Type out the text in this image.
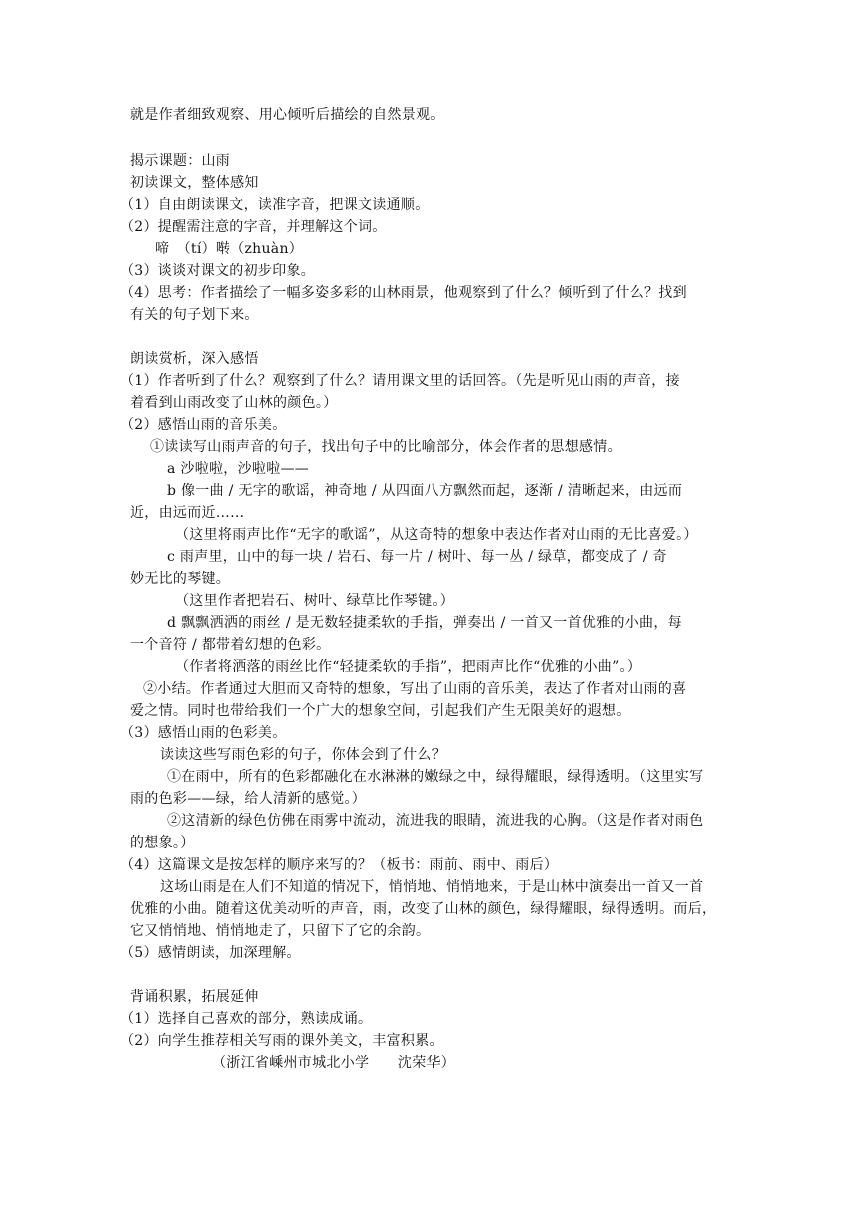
就是作者细致观察、用心倾听后描绘的自然景观。
揭示课题：山雨
初读课文，整体感知
（1）自由朗读课文，读准字音，把课文读通顺。
（2）提醒需注意的字音，并理解这个词。
啼　（tí）啭（zhuàn）
（3）谈谈对课文的初步印象。
（4）思考：作者描绘了一幅多姿多彩的山林雨景，他观察到了什么？倾听到了什么？找到
有关的句子划下来。
朗读赏析，深入感悟
（1）作者听到了什么？观察到了什么？请用课文里的话回答。（先是听见山雨的声音，接
着看到山雨改变了山林的颜色。）
（2）感悟山雨的音乐美。
①读读写山雨声音的句子，找出句子中的比喻部分，体会作者的思想感情。
a 沙啦啦，沙啦啦——
b 像一曲 / 无字的歌谣，神奇地 / 从四面八方飘然而起，逐渐 / 清晰起来，由远而
近，由远而近……
（这里将雨声比作“无字的歌谣”，从这奇特的想象中表达作者对山雨的无比喜爱。）
c 雨声里，山中的每一块 / 岩石、每一片 / 树叶、每一丛 / 绿草，都变成了 / 奇
妙无比的琴键。
（这里作者把岩石、树叶、绿草比作琴键。）
d 飘飘洒洒的雨丝 / 是无数轻捷柔软的手指，弹奏出 / 一首又一首优雅的小曲，每
一个音符 / 都带着幻想的色彩。
（作者将洒落的雨丝比作“轻捷柔软的手指”，把雨声比作“优雅的小曲”。）
②小结。作者通过大胆而又奇特的想象，写出了山雨的音乐美，表达了作者对山雨的喜
爱之情。同时也带给我们一个广大的想象空间，引起我们产生无限美好的遐想。
（3）感悟山雨的色彩美。
读读这些写雨色彩的句子，你体会到了什么？
①在雨中，所有的色彩都融化在水淋淋的嫩绿之中，绿得耀眼，绿得透明。（这里实写
雨的色彩——绿，给人清新的感觉。）
②这清新的绿色仿佛在雨雾中流动，流进我的眼睛，流进我的心胸。（这是作者对雨色
的想象。）
（4）这篇课文是按怎样的顺序来写的？（板书：雨前、雨中、雨后）
这场山雨是在人们不知道的情况下，悄悄地、悄悄地来，于是山林中演奏出一首又一首
优雅的小曲。随着这优美动听的声音，雨，改变了山林的颜色，绿得耀眼，绿得透明。而后，
它又悄悄地、悄悄地走了，只留下了它的余韵。
（5）感情朗读，加深理解。
背诵积累，拓展延伸
（1）选择自己喜欢的部分，熟读成诵。
（2）向学生推荐相关写雨的课外美文，丰富积累。
（浙江省嵊州市城北小学　　沈荣华）
